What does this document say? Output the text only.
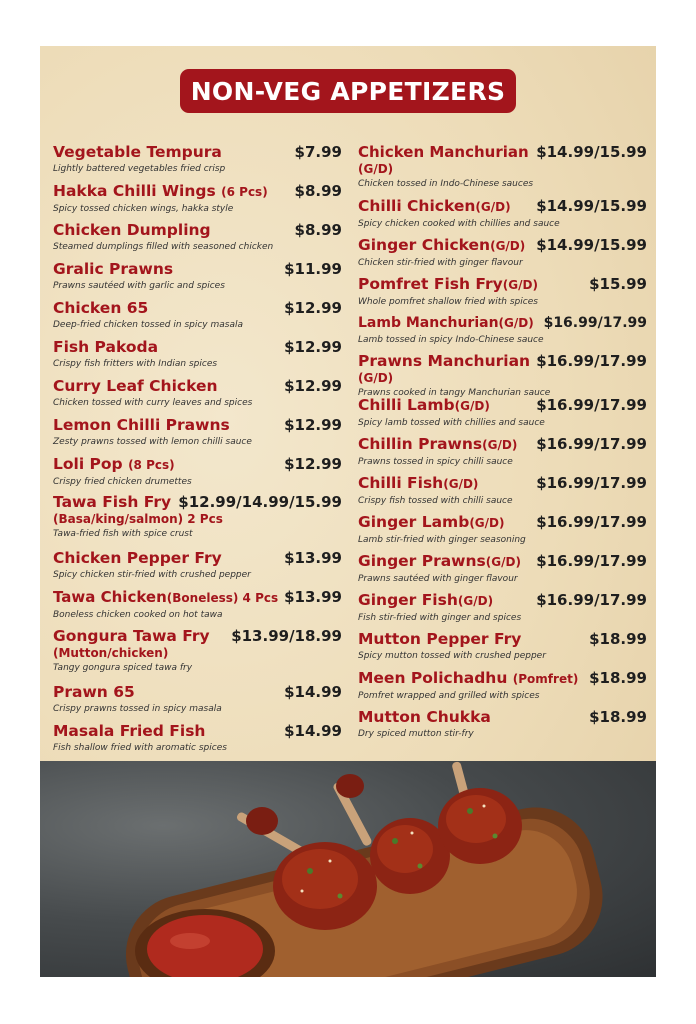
NON-VEG APPETIZERS
Vegetable Tempura	$7.99
Lightly battered vegetables fried crisp
Hakka Chilli Wings (6 Pcs) $8.99
Spicy tossed chicken wings, hakka style
Chicken Dumpling	$8.99
Steamed dumplings filled with seasoned chicken
Gralic Prawns	$11.99
Prawns sautéed with garlic and spices
Chicken 65	$12.99
Deep-fried chicken tossed in spicy masala
Fish Pakoda	$12.99
Crispy fish fritters with Indian spices
Curry Leaf Chicken	$12.99
Chicken tossed with curry leaves and spices
Lemon Chilli Prawns	$12.99
Zesty prawns tossed with lemon chilli sauce
Loli Pop (8 Pcs)	$12.99
Crispy fried chicken drumettes
Tawa Fish Fry $12.99/14.99/15.99
(Basa/king/salmon) 2 Pcs
Tawa-fried fish with spice crust
Chicken Pepper Fry	$13.99
Spicy chicken stir-fried with crushed pepper
Tawa Chicken(Boneless) 4 Pcs $13.99
Boneless chicken cooked on hot tawa
Gongura Tawa Fry $13.99/18.99
(Mutton/chicken)
Tangy gongura spiced tawa fry
Prawn 65	$14.99
Crispy prawns tossed in spicy masala
Masala Fried Fish	$14.99
Fish shallow fried with aromatic spices
Chicken Manchurian $14.99/15.99
(G/D)
Chicken tossed in Indo-Chinese sauces
Chilli Chicken(G/D) $14.99/15.99
Spicy chicken cooked with chillies and sauce
Ginger Chicken(G/D) $14.99/15.99
Chicken stir-fried with ginger flavour
Pomfret Fish Fry(G/D)	$15.99
Whole pomfret shallow fried with spices
Lamb Manchurian(G/D) $16.99/17.99
Lamb tossed in spicy Indo-Chinese sauce
Prawns Manchurian $16.99/17.99
(G/D)
Prawns cooked in tangy Manchurian sauce
Chilli Lamb(G/D)	$16.99/17.99
Spicy lamb tossed with chillies and sauce
Chillin Prawns(G/D) $16.99/17.99
Prawns tossed in spicy chilli sauce
Chilli Fish(G/D)	$16.99/17.99
Crispy fish tossed with chilli sauce
Ginger Lamb(G/D) $16.99/17.99
Lamb stir-fried with ginger seasoning
Ginger Prawns(G/D) $16.99/17.99
Prawns sautéed with ginger flavour
Ginger Fish(G/D)	$16.99/17.99
Fish stir-fried with ginger and spices
Mutton Pepper Fry	$18.99
Spicy mutton tossed with crushed pepper
Meen Polichadhu (Pomfret) $18.99
Pomfret wrapped and grilled with spices
Mutton Chukka	$18.99
Dry spiced mutton stir-fry
